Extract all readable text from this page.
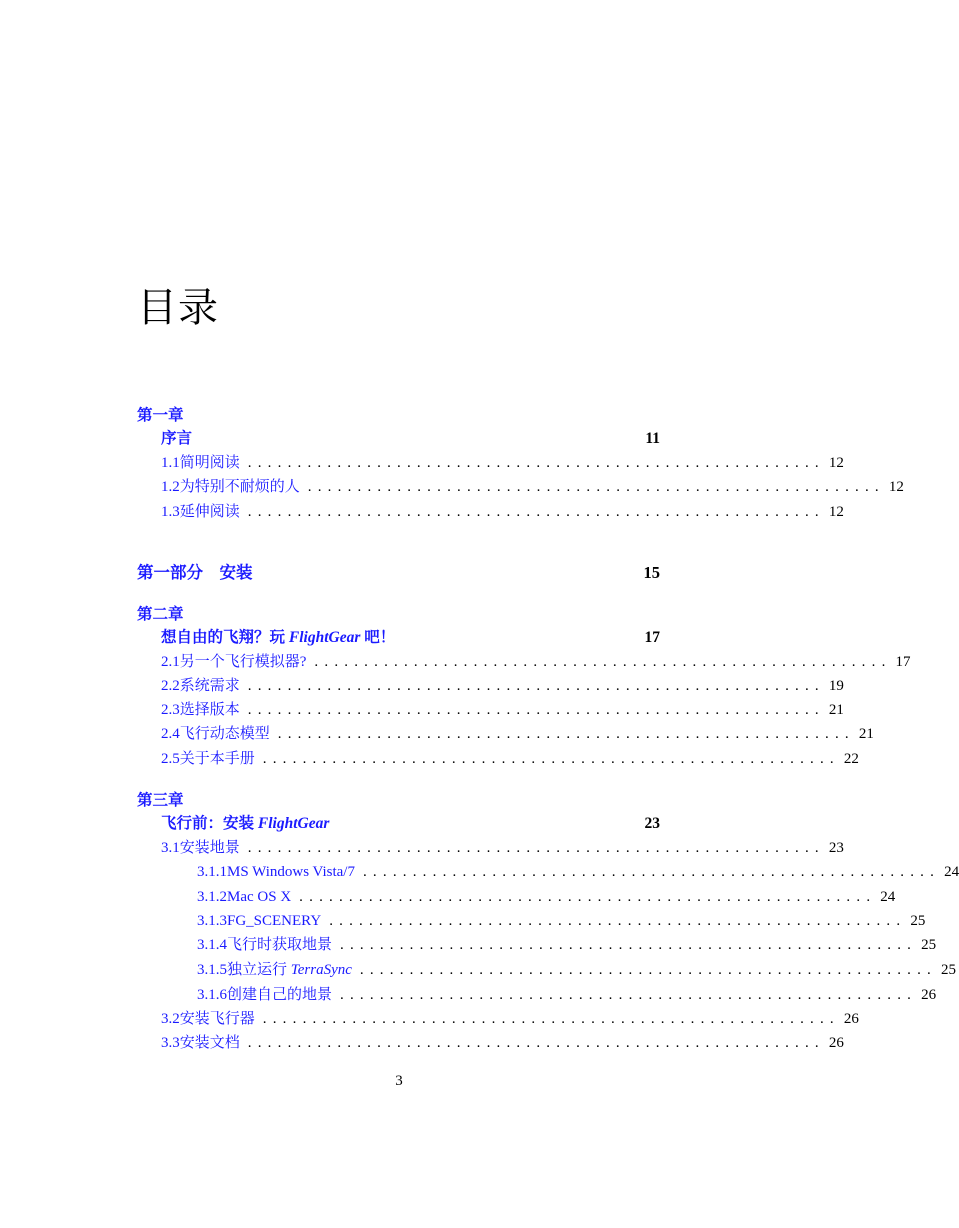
目录
第一章
序言	11
1.1 简明阅读 .......................................................... 12
1.2 为特别不耐烦的人 .......................................................... 12
1.3 延伸阅读 .......................................................... 12
第一部分　安装	15
第二章
想自由的飞翔？玩 FlightGear 吧！	17
2.1 另一个飞行模拟器? .......................................................... 17
2.2 系统需求 .......................................................... 19
2.3 选择版本 .......................................................... 21
2.4 飞行动态模型 .......................................................... 21
2.5 关于本手册 .......................................................... 22
第三章
飞行前：安装 FlightGear	23
3.1 安装地景 .......................................................... 23
3.1.1 MS Windows Vista/7 .......................................................... 24
3.1.2 Mac OS X .......................................................... 24
3.1.3 FG_SCENERY .......................................................... 25
3.1.4 飞行时获取地景 .......................................................... 25
3.1.5 独立运行 TerraSync .......................................................... 25
3.1.6 创建自己的地景 .......................................................... 26
3.2 安装飞行器 .......................................................... 26
3.3 安装文档 .......................................................... 26
3
